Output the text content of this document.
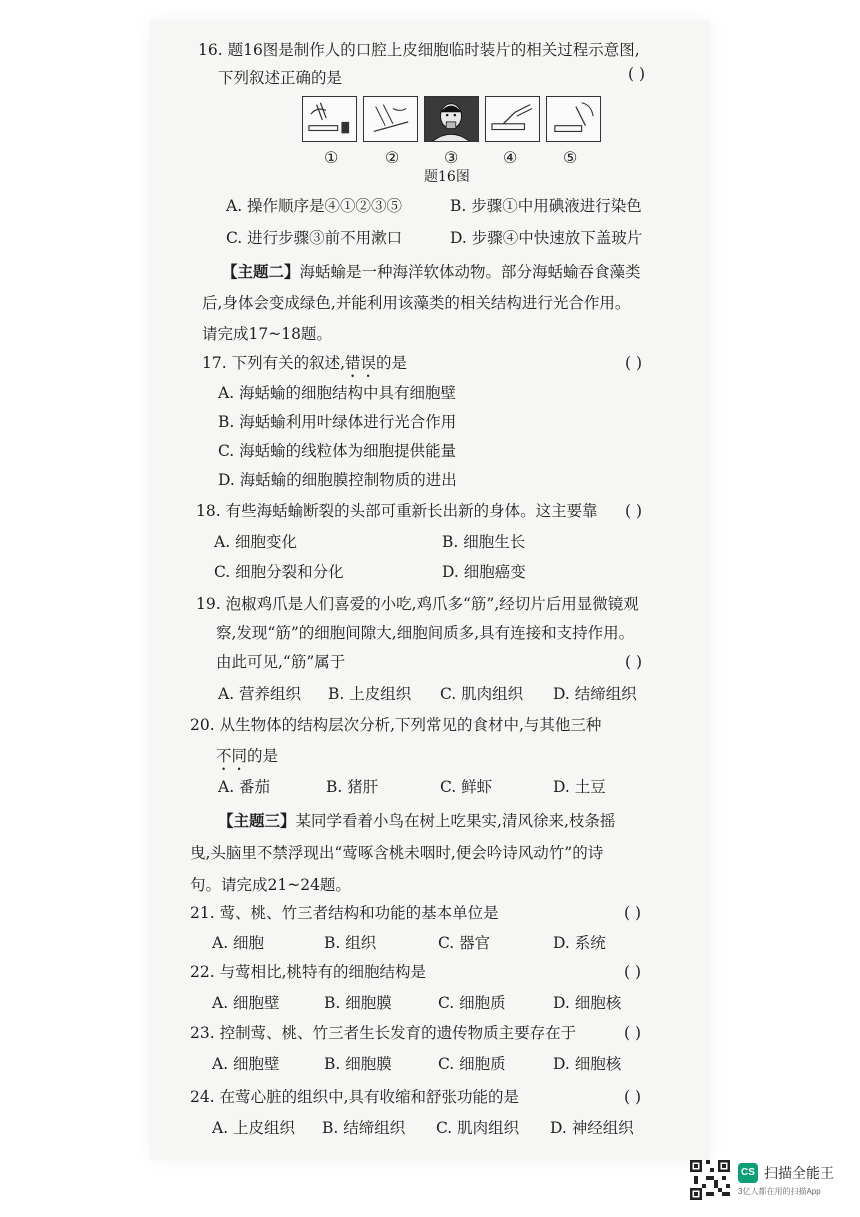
16. 题16图是制作人的口腔上皮细胞临时装片的相关过程示意图,
下列叙述正确的是	( )
①	②	③	④	⑤
题16图
A. 操作顺序是④①②③⑤	B. 步骤①中用碘液进行染色
C. 进行步骤③前不用漱口	D. 步骤④中快速放下盖玻片
【主题二】海蛞蝓是一种海洋软体动物。部分海蛞蝓吞食藻类
后,身体会变成绿色,并能利用该藻类的相关结构进行光合作用。
请完成17~18题。
17. 下列有关的叙述,错误的是	( )
A. 海蛞蝓的细胞结构中具有细胞壁
B. 海蛞蝓利用叶绿体进行光合作用
C. 海蛞蝓的线粒体为细胞提供能量
D. 海蛞蝓的细胞膜控制物质的进出
18. 有些海蛞蝓断裂的头部可重新长出新的身体。这主要靠 ( )
A. 细胞变化	B. 细胞生长
C. 细胞分裂和分化	D. 细胞癌变
19. 泡椒鸡爪是人们喜爱的小吃,鸡爪多“筋”,经切片后用显微镜观
察,发现“筋”的细胞间隙大,细胞间质多,具有连接和支持作用。
由此可见,“筋”属于	( )
A. 营养组织 B. 上皮组织 C. 肌肉组织 D. 结缔组织
20. 从生物体的结构层次分析,下列常见的食材中,与其他三种
不同的是
A. 番茄	B. 猪肝	C. 鲜虾	D. 土豆
【主题三】某同学看着小鸟在树上吃果实,清风徐来,枝条摇
曳,头脑里不禁浮现出“莺啄含桃未咽时,便会吟诗风动竹”的诗
句。请完成21~24题。
21. 莺、桃、竹三者结构和功能的基本单位是	( )
A. 细胞	B. 组织	C. 器官	D. 系统
22. 与莺相比,桃特有的细胞结构是	( )
A. 细胞壁	B. 细胞膜	C. 细胞质	D. 细胞核
23. 控制莺、桃、竹三者生长发育的遗传物质主要存在于	( )
A. 细胞壁	B. 细胞膜	C. 细胞质	D. 细胞核
24. 在莺心脏的组织中,具有收缩和舒张功能的是	( )
A. 上皮组织 B. 结缔组织 C. 肌肉组织 D. 神经组织
CS 扫描全能王
3亿人都在用的扫描App
